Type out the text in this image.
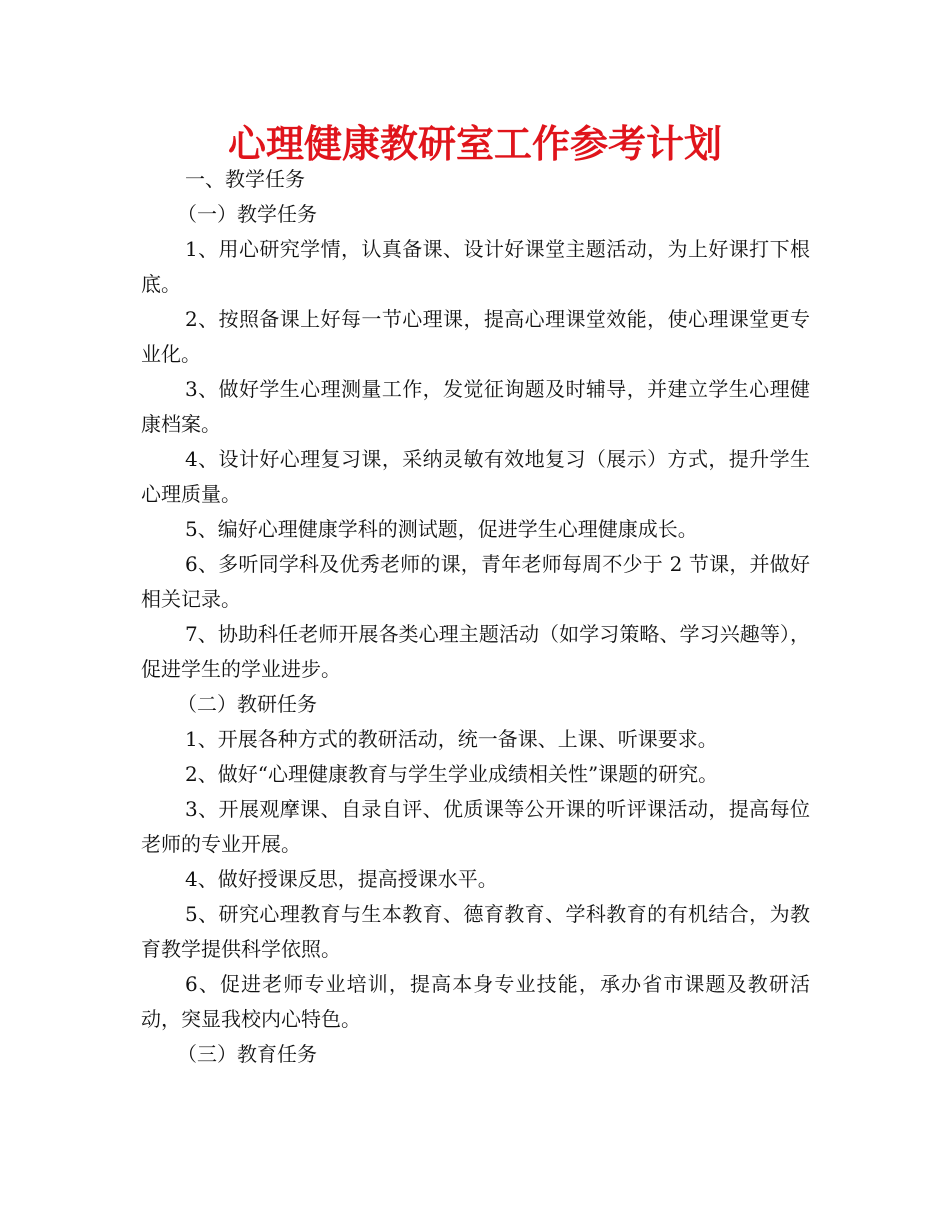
心理健康教研室工作参考计划

一、教学任务

（一）教学任务

1、用心研究学情，认真备课、设计好课堂主题活动，为上好课打下根底。

2、按照备课上好每一节心理课，提高心理课堂效能，使心理课堂更专业化。

3、做好学生心理测量工作，发觉征询题及时辅导，并建立学生心理健康档案。

4、设计好心理复习课，采纳灵敏有效地复习（展示）方式，提升学生心理质量。

5、编好心理健康学科的测试题，促进学生心理健康成长。

6、多听同学科及优秀老师的课，青年老师每周不少于 2 节课，并做好相关记录。

7、协助科任老师开展各类心理主题活动（如学习策略、学习兴趣等），促进学生的学业进步。

（二）教研任务

1、开展各种方式的教研活动，统一备课、上课、听课要求。

2、做好“心理健康教育与学生学业成绩相关性”课题的研究。

3、开展观摩课、自录自评、优质课等公开课的听评课活动，提高每位老师的专业开展。

4、做好授课反思，提高授课水平。

5、研究心理教育与生本教育、德育教育、学科教育的有机结合，为教育教学提供科学依照。

6、促进老师专业培训，提高本身专业技能，承办省市课题及教研活动，突显我校内心特色。

（三）教育任务
